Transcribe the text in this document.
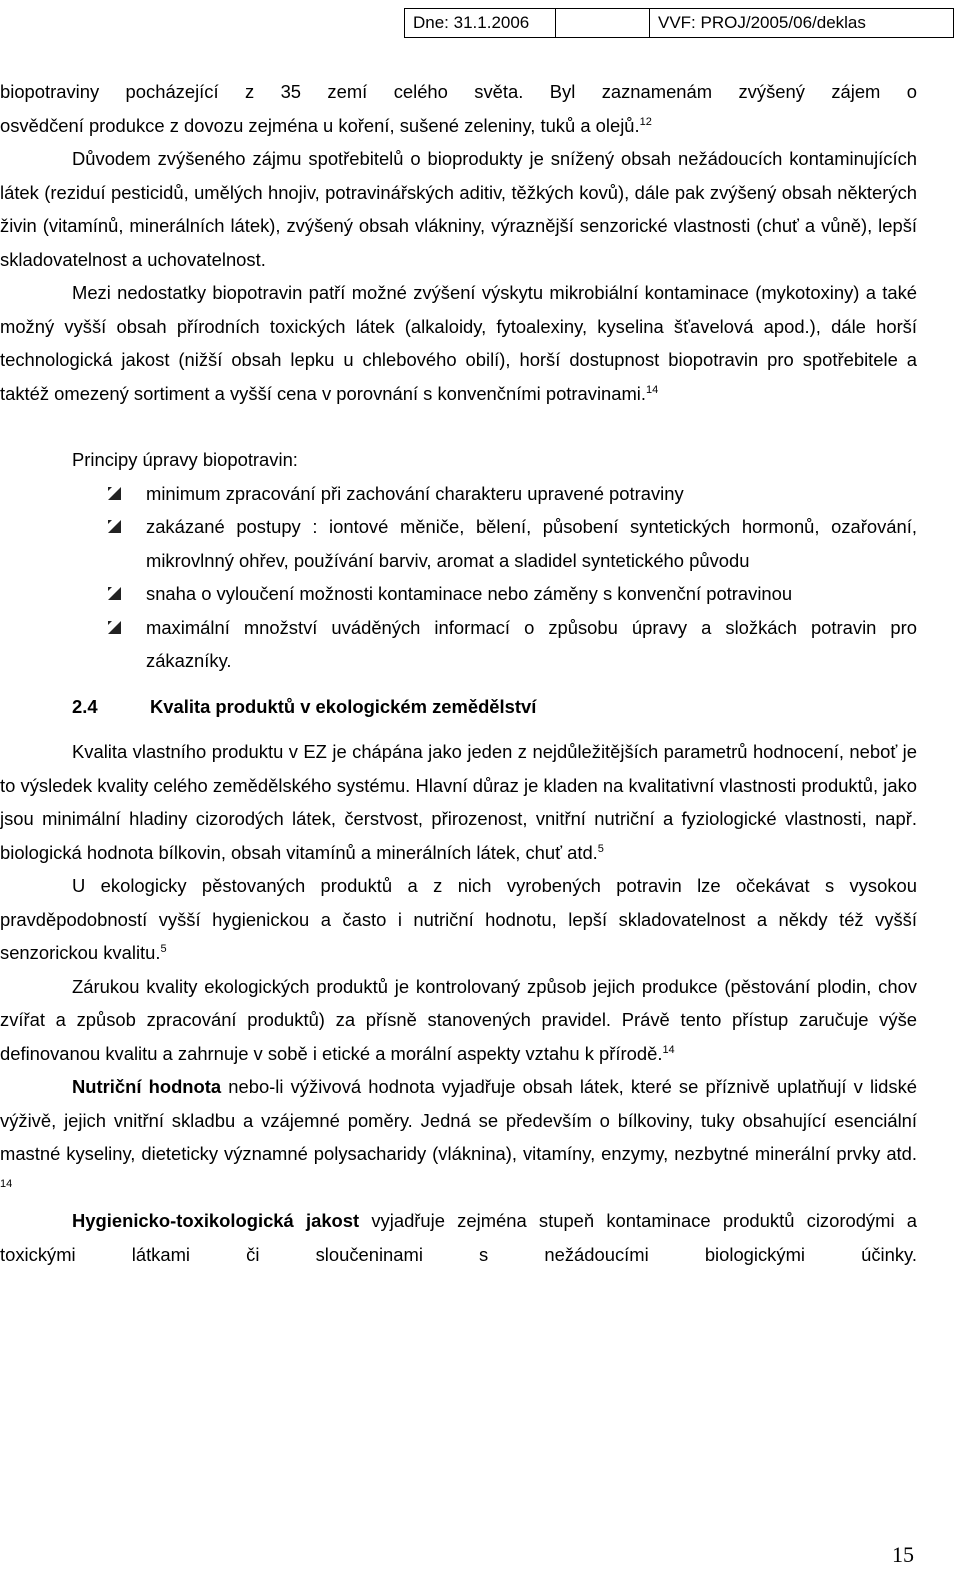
Dne: 31.1.2006	VVF: PROJ/2005/06/deklas

biopotraviny pocházející z 35 zemí celého světa. Byl zaznamenám zvýšený zájem o

osvědčení produkce z dovozu zejména u koření, sušené zeleniny, tuků a olejů.$^{12}$

Důvodem zvýšeného zájmu spotřebitelů o bioprodukty je snížený obsah nežádoucích kontaminujících látek (reziduí pesticidů, umělých hnojiv, potravinářských aditiv, těžkých kovů), dále pak zvýšený obsah některých živin (vitamínů, minerálních látek), zvýšený obsah vlákniny, výraznější senzorické vlastnosti (chuť a vůně), lepší skladovatelnost a uchovatelnost.

Mezi nedostatky biopotravin patří možné zvýšení výskytu mikrobiální kontaminace (mykotoxiny) a také možný vyšší obsah přírodních toxických látek (alkaloidy, fytoalexiny, kyselina šťavelová apod.), dále horší technologická jakost (nižší obsah lepku u chlebového obilí), horší dostupnost biopotravin pro spotřebitele a taktéž omezený sortiment a vyšší cena v porovnání s konvenčními potravinami.$^{14}$

Principy úpravy biopotravin:

minimum zpracování při zachování charakteru upravené potraviny
zakázané postupy : iontové měniče, bělení, působení syntetických hormonů, ozařování, mikrovlnný ohřev, používání barviv, aromat a sladidel syntetického původu
snaha o vyloučení možnosti kontaminace nebo záměny s konvenční potravinou
maximální množství uváděných informací o způsobu úpravy a složkách potravin pro zákazníky.

2.4	Kvalita produktů v ekologickém zemědělství

Kvalita vlastního produktu v EZ je chápána jako jeden z nejdůležitějších parametrů hodnocení, neboť je to výsledek kvality celého zemědělského systému. Hlavní důraz je kladen na kvalitativní vlastnosti produktů, jako jsou minimální hladiny cizorodých látek, čerstvost, přirozenost, vnitřní nutriční a fyziologické vlastnosti, např. biologická hodnota bílkovin, obsah vitamínů a minerálních látek, chuť atd.$^5$

U ekologicky pěstovaných produktů a z nich vyrobených potravin lze očekávat s vysokou pravděpodobností vyšší hygienickou a často i nutriční hodnotu, lepší skladovatelnost a někdy též vyšší senzorickou kvalitu.$^5$

Zárukou kvality ekologických produktů je kontrolovaný způsob jejich produkce (pěstování plodin, chov zvířat a způsob zpracování produktů) za přísně stanovených pravidel. Právě tento přístup zaručuje výše definovanou kvalitu a zahrnuje v sobě i etické a morální aspekty vztahu k přírodě.$^{14}$

Nutriční hodnota nebo-li výživová hodnota vyjadřuje obsah látek, které se příznivě uplatňují v lidské výživě, jejich vnitřní skladbu a vzájemné poměry. Jedná se především o bílkoviny, tuky obsahující esenciální mastné kyseliny, dieteticky významné polysacharidy (vláknina), vitamíny, enzymy, nezbytné minerální prvky atd. $^{14}$

Hygienicko-toxikologická jakost vyjadřuje zejména stupeň kontaminace produktů cizorodými a toxickými látkami či sloučeninami s nežádoucími biologickými účinky.

15
